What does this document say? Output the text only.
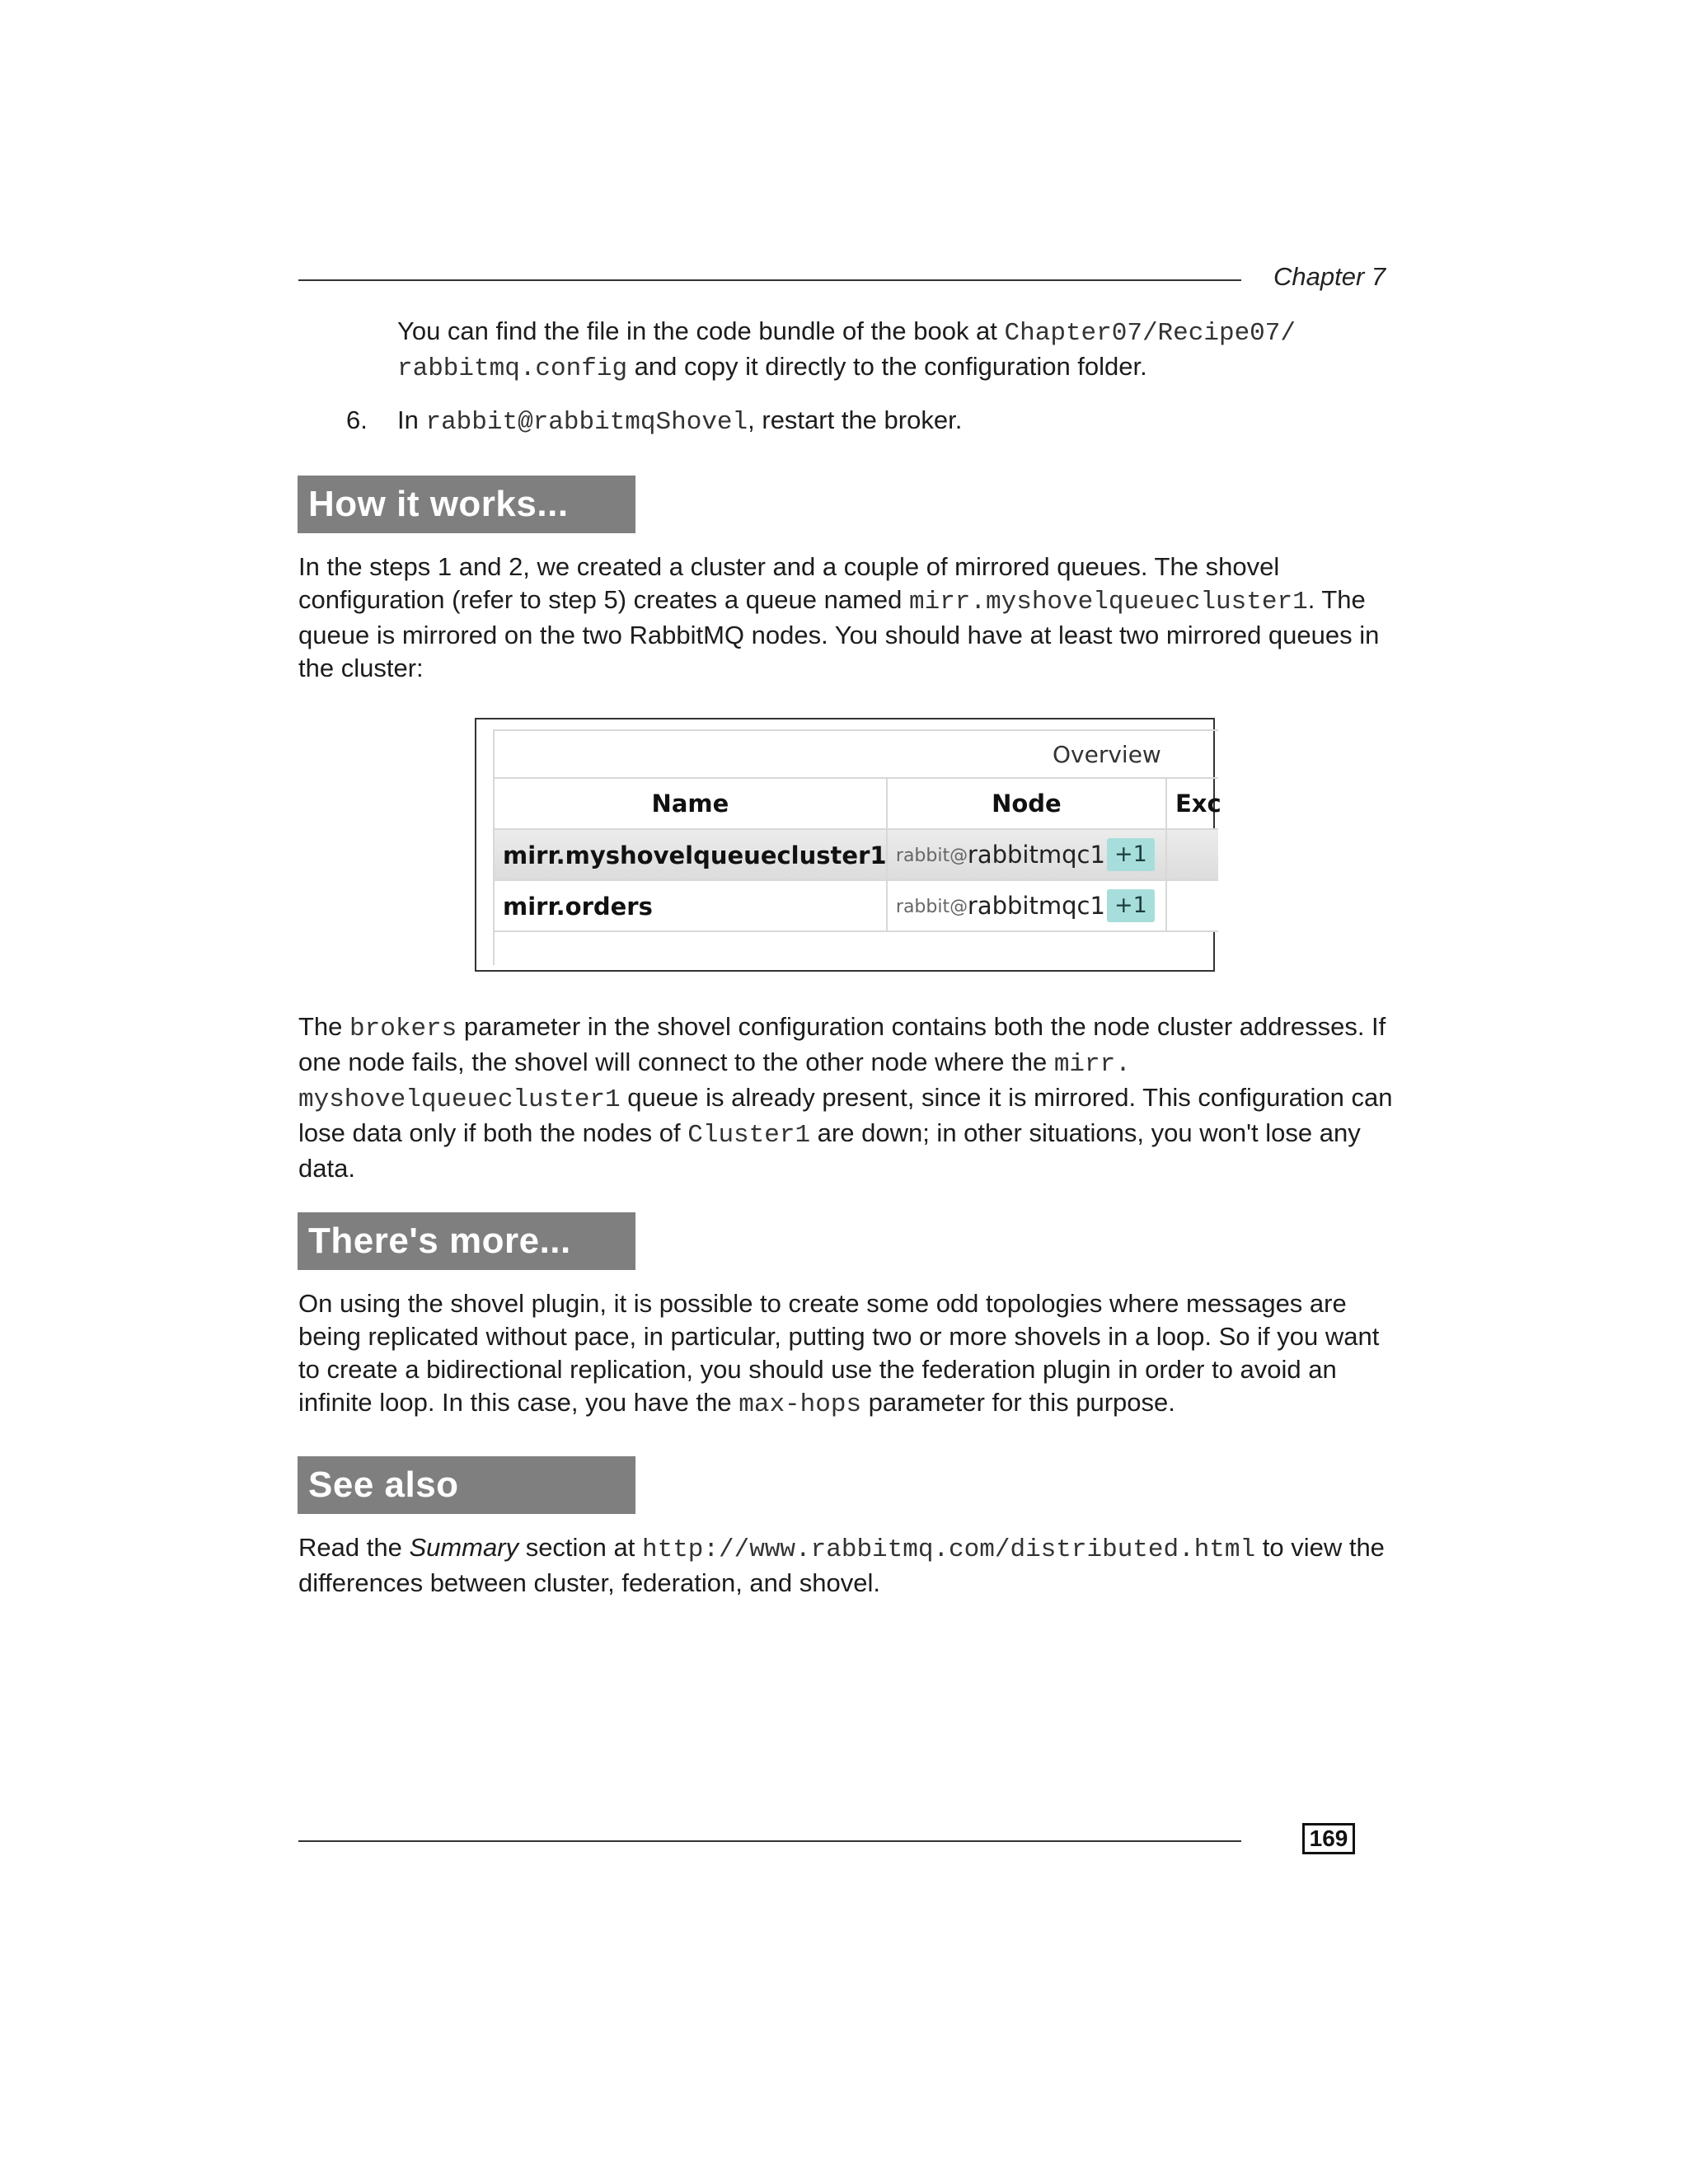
Chapter 7

You can find the file in the code bundle of the book at Chapter07/Recipe07/
rabbitmq.config and copy it directly to the configuration folder.

6. In rabbit@rabbitmqShovel, restart the broker.

How it works...

In the steps 1 and 2, we created a cluster and a couple of mirrored queues. The shovel configuration (refer to step 5) creates a queue named mirr.myshovelqueuecluster1. The queue is mirrored on the two RabbitMQ nodes. You should have at least two mirrored queues in the cluster:

Overview
Name	Node	Exc
mirr.myshovelqueuecluster1 rabbit@ rabbitmqc1 +1
mirr.orders	rabbit@ rabbitmqc1 +1

The brokers parameter in the shovel configuration contains both the node cluster addresses. If one node fails, the shovel will connect to the other node where the mirr.
myshovelqueuecluster1 queue is already present, since it is mirrored. This configuration can lose data only if both the nodes of Cluster1 are down; in other situations, you won't lose any data.

There's more...

On using the shovel plugin, it is possible to create some odd topologies where messages are being replicated without pace, in particular, putting two or more shovels in a loop. So if you want to create a bidirectional replication, you should use the federation plugin in order to avoid an infinite loop. In this case, you have the max-hops parameter for this purpose.

See also

Read the Summary section at http://www.rabbitmq.com/distributed.html to view the differences between cluster, federation, and shovel.

169
